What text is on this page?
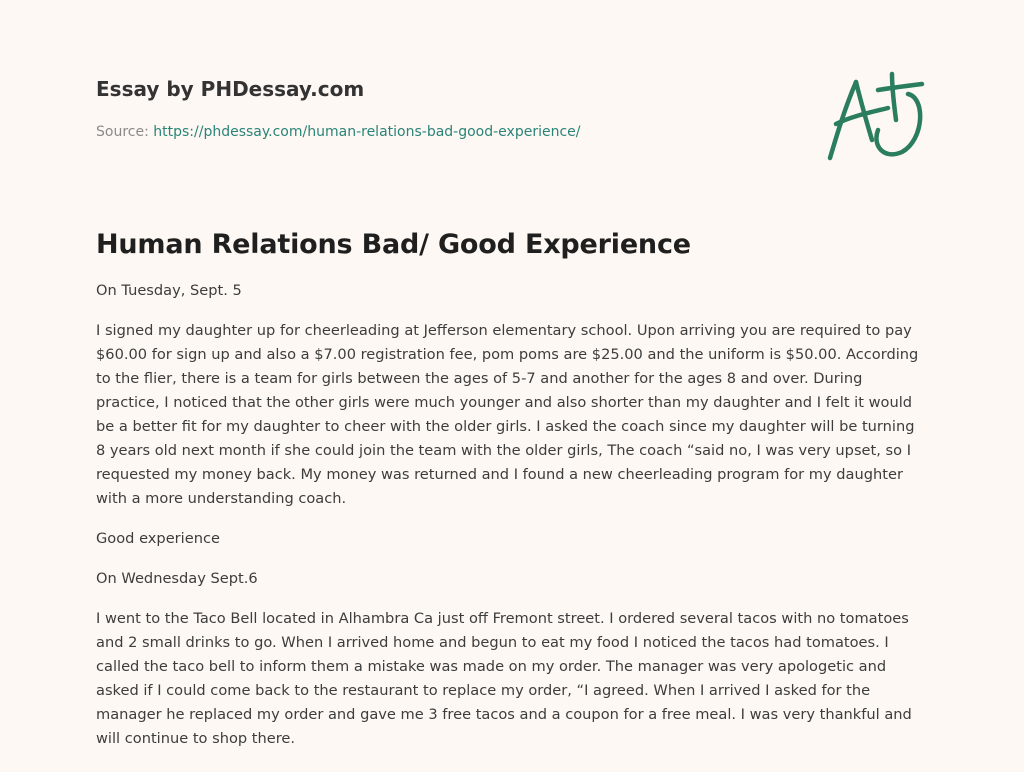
Essay by PHDessay.com
Source: https://phdessay.com/human-relations-bad-good-experience/
Human Relations Bad/ Good Experience

On Tuesday, Sept. 5

I signed my daughter up for cheerleading at Jefferson elementary school. Upon arriving you are required to pay $60.00 for sign up and also a $7.00 registration fee, pom poms are $25.00 and the uniform is $50.00. According to the flier, there is a team for girls between the ages of 5-7 and another for the ages 8 and over. During practice, I noticed that the other girls were much younger and also shorter than my daughter and I felt it would be a better fit for my daughter to cheer with the older girls. I asked the coach since my daughter will be turning 8 years old next month if she could join the team with the older girls, The coach “said no, I was very upset, so I requested my money back. My money was returned and I found a new cheerleading program for my daughter with a more understanding coach.

Good experience

On Wednesday Sept.6

I went to the Taco Bell located in Alhambra Ca just off Fremont street. I ordered several tacos with no tomatoes and 2 small drinks to go. When I arrived home and begun to eat my food I noticed the tacos had tomatoes. I called the taco bell to inform them a mistake was made on my order. The manager was very apologetic and asked if I could come back to the restaurant to replace my order, “I agreed. When I arrived I asked for the manager he replaced my order and gave me 3 free tacos and a coupon for a free meal. I was very thankful and will continue to shop there.
